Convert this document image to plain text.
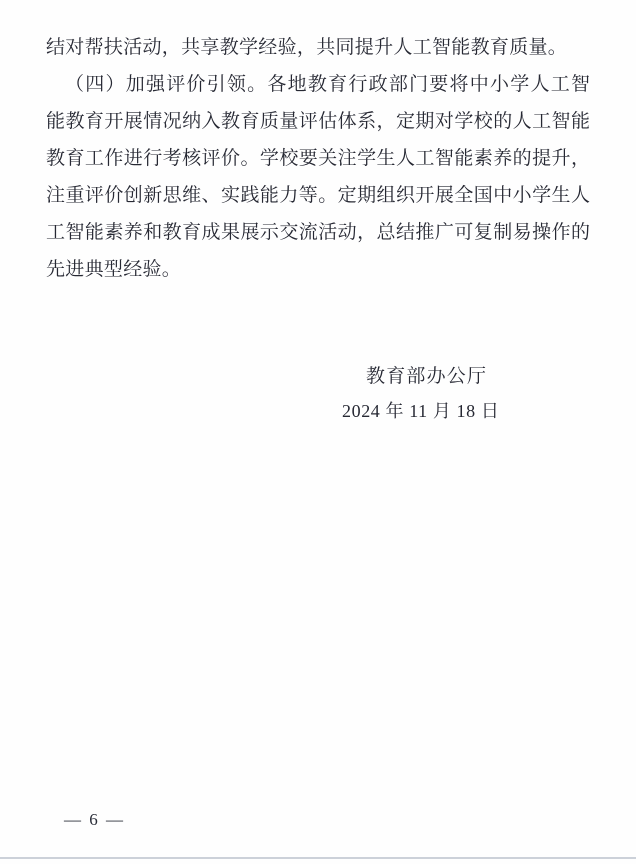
结对帮扶活动，共享教学经验，共同提升人工智能教育质量。
（四）加强评价引领。各地教育行政部门要将中小学人工智
能教育开展情况纳入教育质量评估体系，定期对学校的人工智能
教育工作进行考核评价。学校要关注学生人工智能素养的提升，
注重评价创新思维、实践能力等。定期组织开展全国中小学生人
工智能素养和教育成果展示交流活动，总结推广可复制易操作的
先进典型经验。
教育部办公厅
2024 年 11 月 18 日
— 6 —
